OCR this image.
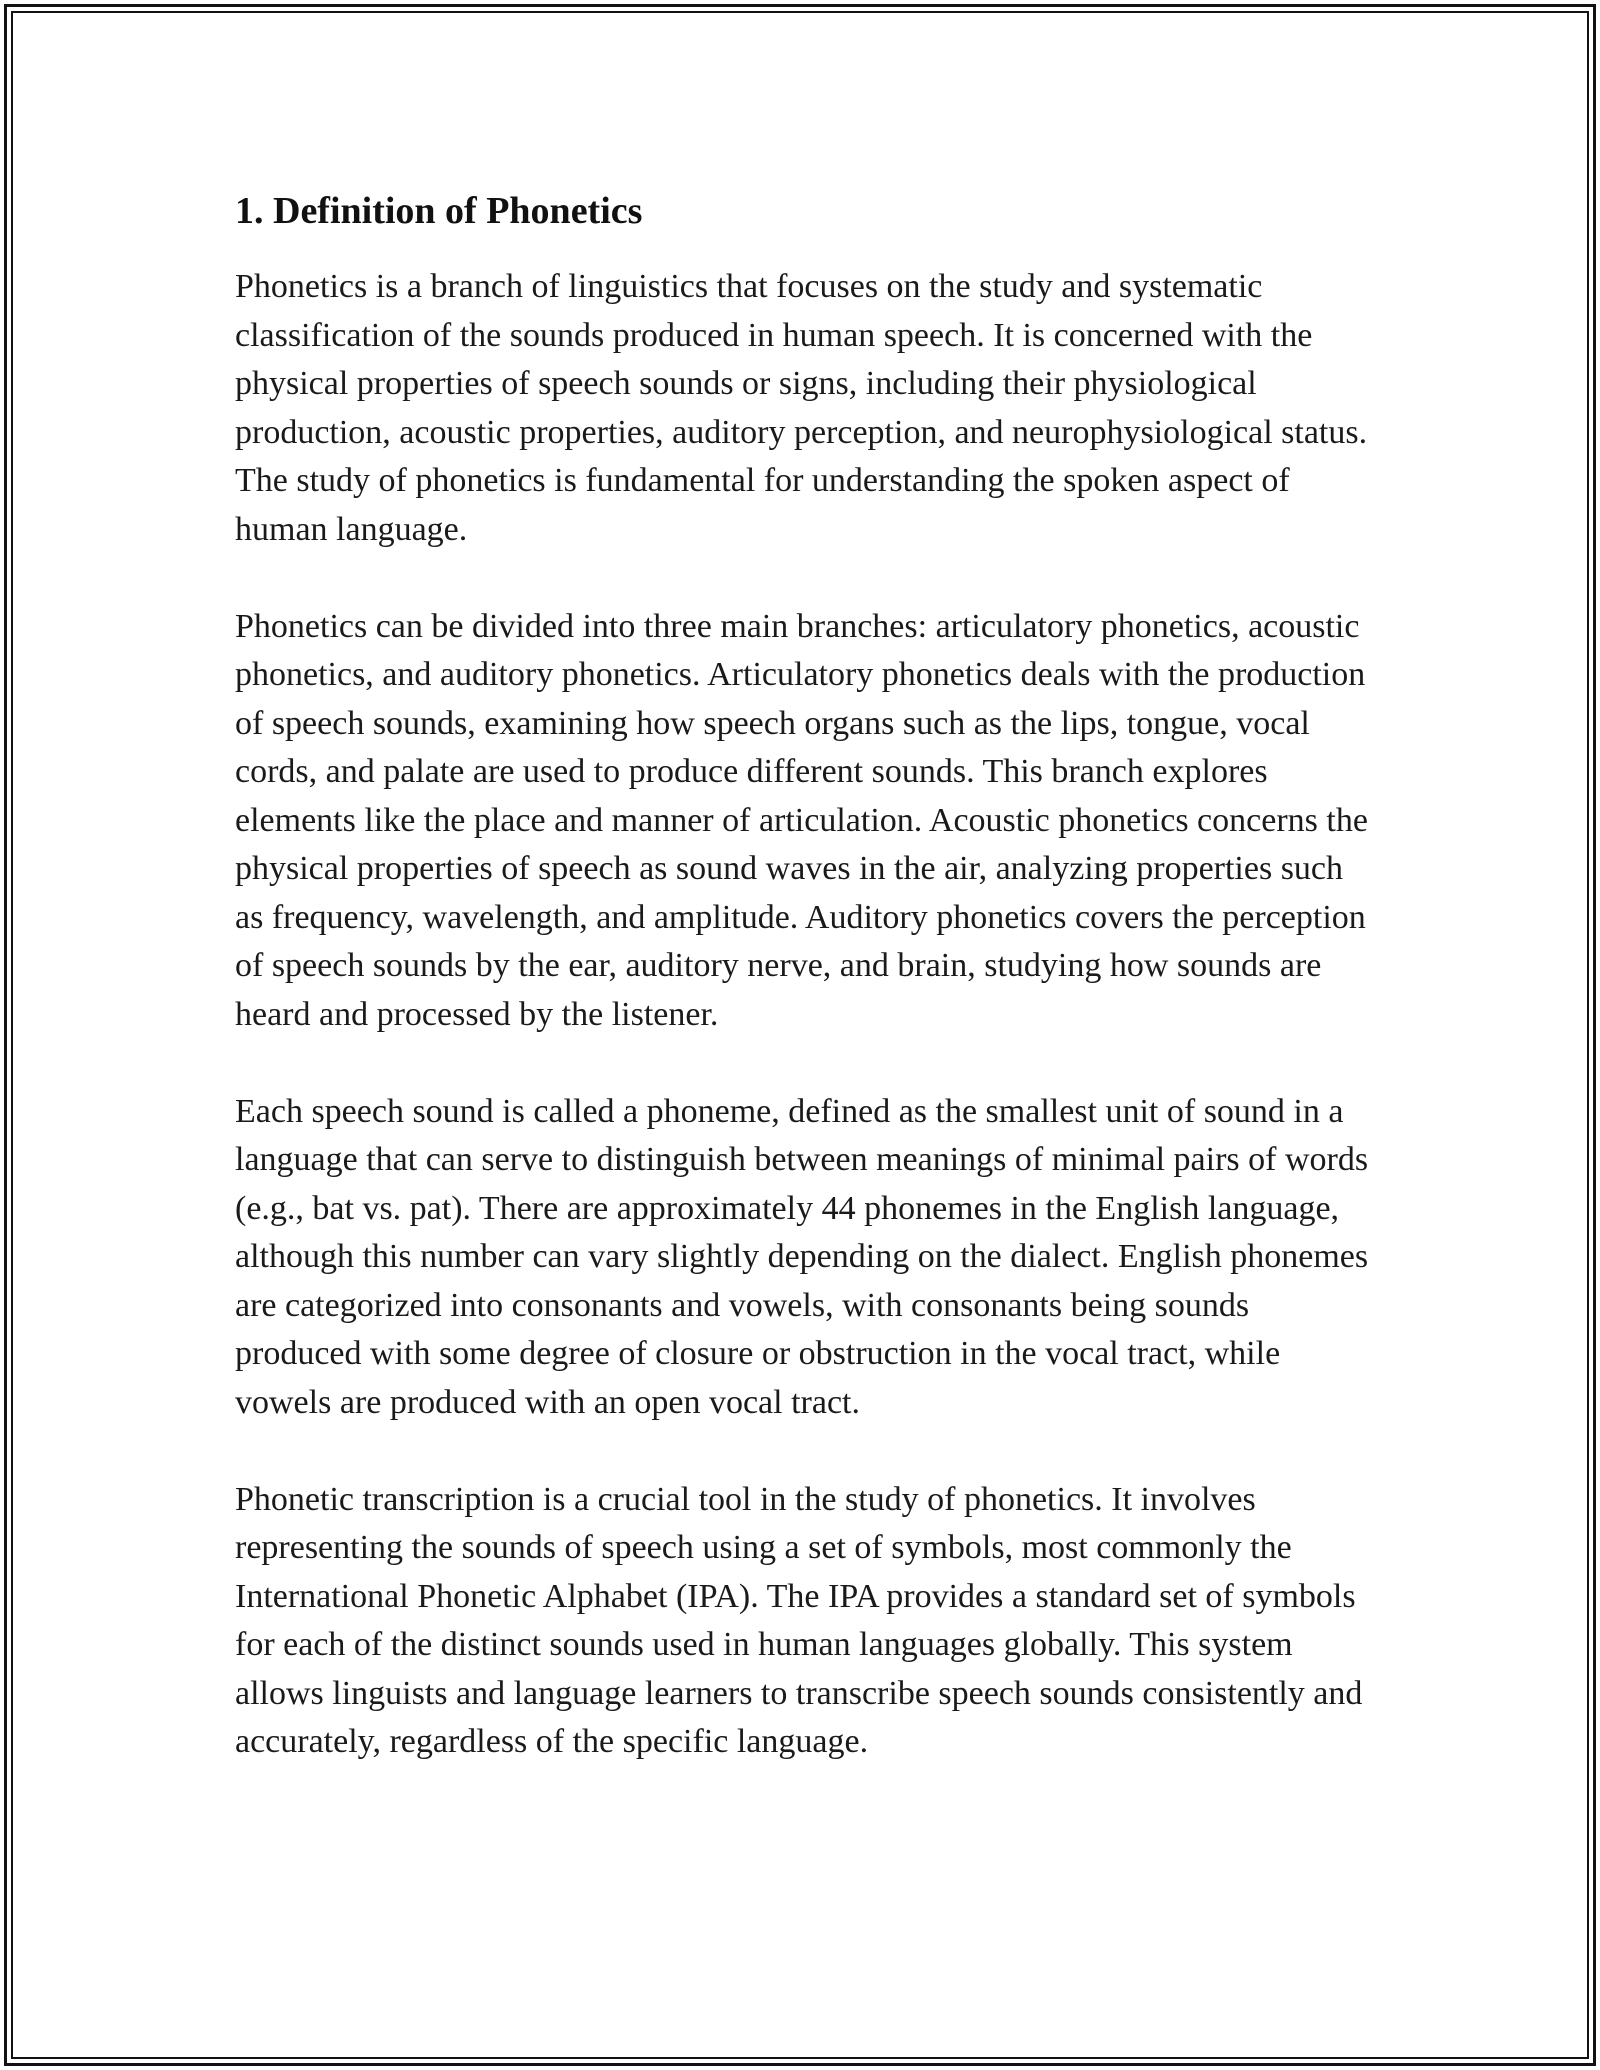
1. Definition of Phonetics

Phonetics is a branch of linguistics that focuses on the study and systematic classification of the sounds produced in human speech. It is concerned with the physical properties of speech sounds or signs, including their physiological production, acoustic properties, auditory perception, and neurophysiological status. The study of phonetics is fundamental for understanding the spoken aspect of human language.

Phonetics can be divided into three main branches: articulatory phonetics, acoustic phonetics, and auditory phonetics. Articulatory phonetics deals with the production of speech sounds, examining how speech organs such as the lips, tongue, vocal cords, and palate are used to produce different sounds. This branch explores elements like the place and manner of articulation. Acoustic phonetics concerns the physical properties of speech as sound waves in the air, analyzing properties such as frequency, wavelength, and amplitude. Auditory phonetics covers the perception of speech sounds by the ear, auditory nerve, and brain, studying how sounds are heard and processed by the listener.

Each speech sound is called a phoneme, defined as the smallest unit of sound in a language that can serve to distinguish between meanings of minimal pairs of words (e.g., bat vs. pat). There are approximately 44 phonemes in the English language, although this number can vary slightly depending on the dialect. English phonemes are categorized into consonants and vowels, with consonants being sounds produced with some degree of closure or obstruction in the vocal tract, while vowels are produced with an open vocal tract.

Phonetic transcription is a crucial tool in the study of phonetics. It involves representing the sounds of speech using a set of symbols, most commonly the International Phonetic Alphabet (IPA). The IPA provides a standard set of symbols for each of the distinct sounds used in human languages globally. This system allows linguists and language learners to transcribe speech sounds consistently and accurately, regardless of the specific language.
